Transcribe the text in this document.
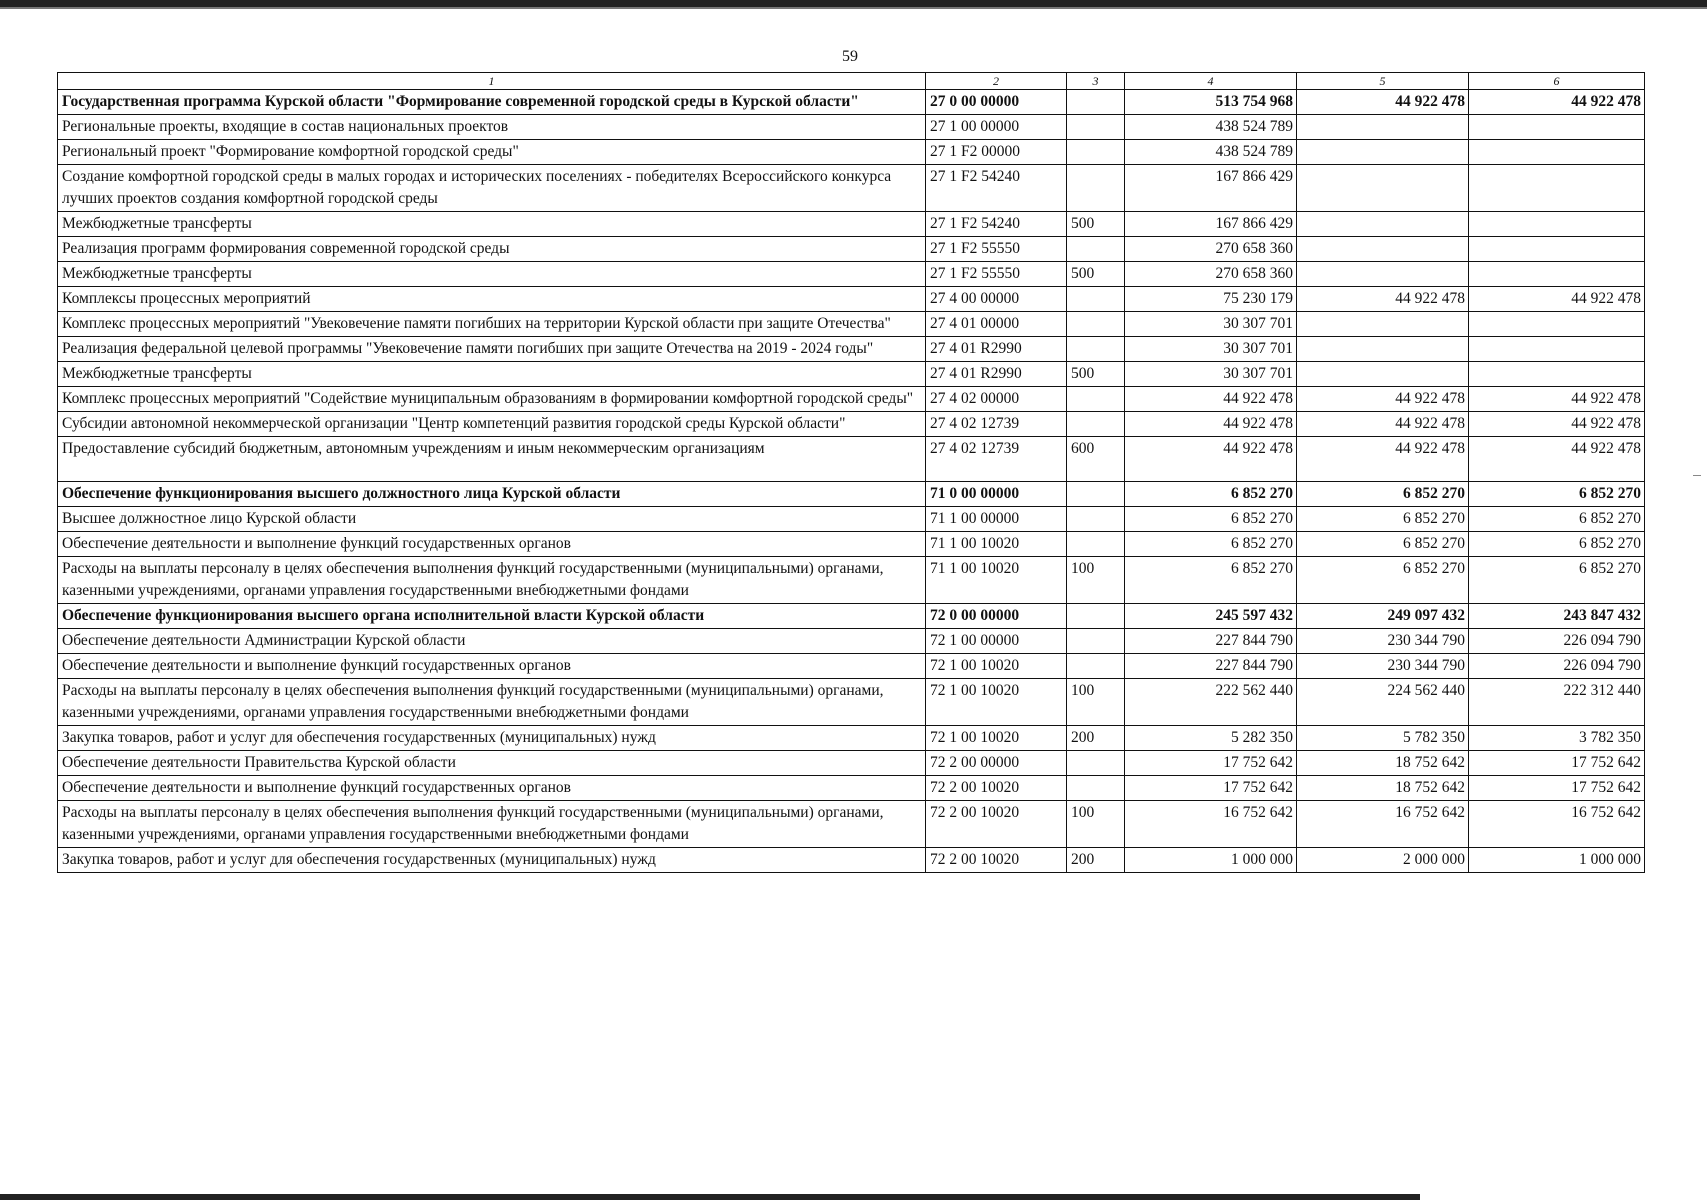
59
1	2	3	4	5	6
Государственная программа Курской области "Формирование современной городской среды в Курской области"	27 0 00 00000		513 754 968	44 922 478	44 922 478
Региональные проекты, входящие в состав национальных проектов	27 1 00 00000		438 524 789		
Региональный проект "Формирование комфортной городской среды"	27 1 F2 00000		438 524 789		
Создание комфортной городской среды в малых городах и исторических поселениях - победителях Всероссийского конкурса лучших проектов создания комфортной городской среды	27 1 F2 54240		167 866 429		
Межбюджетные трансферты	27 1 F2 54240	500	167 866 429		
Реализация программ формирования современной городской среды	27 1 F2 55550		270 658 360		
Межбюджетные трансферты	27 1 F2 55550	500	270 658 360		
Комплексы процессных мероприятий	27 4 00 00000		75 230 179	44 922 478	44 922 478
Комплекс процессных мероприятий "Увековечение памяти погибших на территории Курской области при защите Отечества"	27 4 01 00000		30 307 701		
Реализация федеральной целевой программы "Увековечение памяти погибших при защите Отечества на 2019 - 2024 годы"	27 4 01 R2990		30 307 701		
Межбюджетные трансферты	27 4 01 R2990	500	30 307 701		
Комплекс процессных мероприятий "Содействие муниципальным образованиям в формировании комфортной городской среды"	27 4 02 00000		44 922 478	44 922 478	44 922 478
Субсидии автономной некоммерческой организации "Центр компетенций развития городской среды Курской области"	27 4 02 12739		44 922 478	44 922 478	44 922 478
Предоставление субсидий бюджетным, автономным учреждениям и иным некоммерческим организациям	27 4 02 12739	600	44 922 478	44 922 478	44 922 478
Обеспечение функционирования высшего должностного лица Курской области	71 0 00 00000		6 852 270	6 852 270	6 852 270
Высшее должностное лицо Курской области	71 1 00 00000		6 852 270	6 852 270	6 852 270
Обеспечение деятельности и выполнение функций государственных органов	71 1 00 10020		6 852 270	6 852 270	6 852 270
Расходы на выплаты персоналу в целях обеспечения выполнения функций государственными (муниципальными) органами, казенными учреждениями, органами управления государственными внебюджетными фондами	71 1 00 10020	100	6 852 270	6 852 270	6 852 270
Обеспечение функционирования высшего органа исполнительной власти Курской области	72 0 00 00000		245 597 432	249 097 432	243 847 432
Обеспечение деятельности Администрации Курской области	72 1 00 00000		227 844 790	230 344 790	226 094 790
Обеспечение деятельности и выполнение функций государственных органов	72 1 00 10020		227 844 790	230 344 790	226 094 790
Расходы на выплаты персоналу в целях обеспечения выполнения функций государственными (муниципальными) органами, казенными учреждениями, органами управления государственными внебюджетными фондами	72 1 00 10020	100	222 562 440	224 562 440	222 312 440
Закупка товаров, работ и услуг для обеспечения государственных (муниципальных) нужд	72 1 00 10020	200	5 282 350	5 782 350	3 782 350
Обеспечение деятельности Правительства Курской области	72 2 00 00000		17 752 642	18 752 642	17 752 642
Обеспечение деятельности и выполнение функций государственных органов	72 2 00 10020		17 752 642	18 752 642	17 752 642
Расходы на выплаты персоналу в целях обеспечения выполнения функций государственными (муниципальными) органами, казенными учреждениями, органами управления государственными внебюджетными фондами	72 2 00 10020	100	16 752 642	16 752 642	16 752 642
Закупка товаров, работ и услуг для обеспечения государственных (муниципальных) нужд	72 2 00 10020	200	1 000 000	2 000 000	1 000 000
